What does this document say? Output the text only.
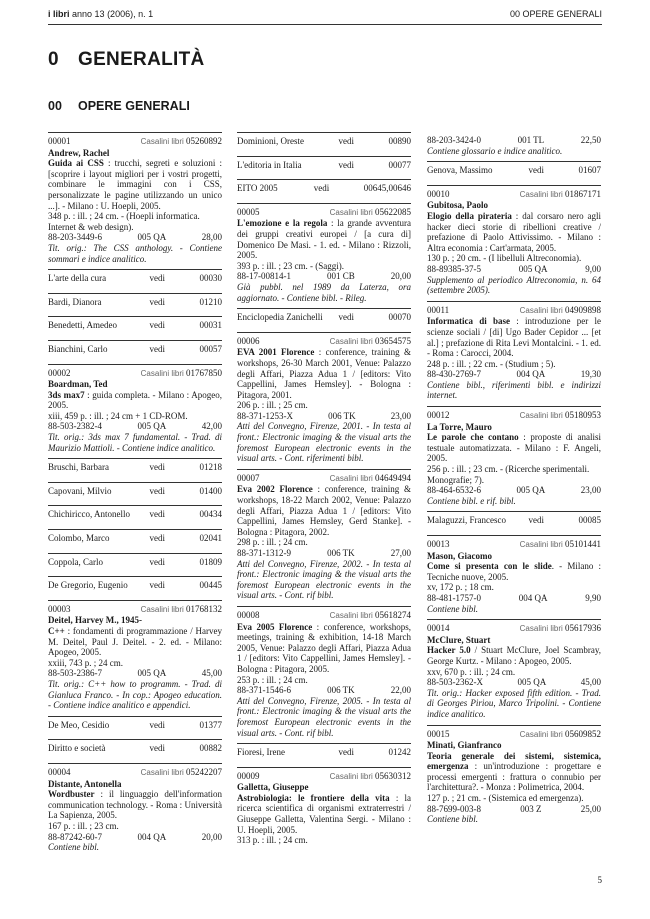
i libri anno 13 (2006), n. 1	00 OPERE GENERALI
0 GENERALITÀ
00 OPERE GENERALI
00001	Casalini libri 05260892
Andrew, Rachel
Guida ai CSS : trucchi, segreti e soluzioni : [scoprire i layout migliori per i vostri progetti, combinare le immagini con i CSS, personalizzate le pagine utilizzando un unico ...]. - Milano : U. Hoepli, 2005.
348 p. : ill. ; 24 cm. - (Hoepli informatica. Internet & web design).
88-203-3449-6	005 QA	28,00
Tit. orig.: The CSS anthology. - Contiene sommari e indice analitico.
L'arte della cura	vedi	00030
Bardi, Dianora	vedi	01210
Benedetti, Amedeo	vedi	00031
Bianchini, Carlo	vedi	00057
00002	Casalini libri 01767850
Boardman, Ted
3ds max7 : guida completa. - Milano : Apogeo, 2005.
xiii, 459 p. : ill. ; 24 cm + 1 CD-ROM.
88-503-2382-4	005 QA	42,00
Tit. orig.: 3ds max 7 fundamental. - Trad. di Maurizio Mattioli. - Contiene indice analitico.
Bruschi, Barbara	vedi	01218
Capovani, Milvio	vedi	01400
Chichiricco, Antonello	vedi	00434
Colombo, Marco	vedi	02041
Coppola, Carlo	vedi	01809
De Gregorio, Eugenio	vedi	00445
00003	Casalini libri 01768132
Deitel, Harvey M., 1945-
C++ : fondamenti di programmazione / Harvey M. Deitel, Paul J. Deitel. - 2. ed. - Milano: Apogeo, 2005.
xxiii, 743 p. ; 24 cm.
88-503-2386-7	005 QA	45,00
Tit. orig.: C++ how to programm. - Trad. di Gianluca Franco. - In cop.: Apogeo education. - Contiene indice analitico e appendici.
De Meo, Cesidio	vedi	01377
Diritto e società	vedi	00882
00004	Casalini libri 05242207
Distante, Antonella
Wordbuster : il linguaggio dell'information communication technology. - Roma : Università La Sapienza, 2005.
167 p. : ill. ; 23 cm.
88-87242-60-7	004 QA	20,00
Contiene bibl.
Dominioni, Oreste	vedi	00890
L'editoria in Italia	vedi	00077
EITO 2005	vedi	00645,00646
00005	Casalini libri 05622085
L'emozione e la regola : la grande avventura dei gruppi creativi europei / [a cura di] Domenico De Masi. - 1. ed. - Milano : Rizzoli, 2005.
393 p. : ill. ; 23 cm. - (Saggi).
88-17-00814-1	001 CB	20,00
Già pubbl. nel 1989 da Laterza, ora aggiornato. - Contiene bibl. - Rileg.
Enciclopedia Zanichelli	vedi	00070
00006	Casalini libri 03654575
EVA 2001 Florence : conference, training & workshops, 26-30 March 2001, Venue: Palazzo degli Affari, Piazza Adua 1 / [editors: Vito Cappellini, James Hemsley]. - Bologna : Pitagora, 2001.
206 p. : ill. ; 25 cm.
88-371-1253-X	006 TK	23,00
Atti del Convegno, Firenze, 2001. - In testa al front.: Electronic imaging & the visual arts the foremost European electronic events in the visual arts. - Cont. riferimenti bibl.
00007	Casalini libri 04649494
Eva 2002 Florence : conference, training & workshops, 18-22 March 2002, Venue: Palazzo degli Affari, Piazza Adua 1 / [editors: Vito Cappellini, James Hemsley, Gerd Stanke]. - Bologna : Pitagora, 2002.
298 p. : ill. ; 24 cm.
88-371-1312-9	006 TK	27,00
Atti del Convegno, Firenze, 2002. - In testa al front.: Electronic imaging & the visual arts the foremost European electronic events in the visual arts. - Cont. rif bibl.
00008	Casalini libri 05618274
Eva 2005 Florence : conference, workshops, meetings, training & exhibition, 14-18 March 2005, Venue: Palazzo degli Affari, Piazza Adua 1 / [editors: Vito Cappellini, James Hemsley]. - Bologna : Pitagora, 2005.
253 p. : ill. ; 24 cm.
88-371-1546-6	006 TK	22,00
Atti del Convegno, Firenze, 2005. - In testa al front.: Electronic imaging & the visual arts the foremost European electronic events in the visual arts. - Cont. rif bibl.
Fioresi, Irene	vedi	01242
00009	Casalini libri 05630312
Galletta, Giuseppe
Astrobiologia: le frontiere della vita : la ricerca scientifica di organismi extraterrestri / Giuseppe Galletta, Valentina Sergi. - Milano : U. Hoepli, 2005.
313 p. : ill. ; 24 cm.
88-203-3424-0	001 TL	22,50
Contiene glossario e indice analitico.
Genova, Massimo	vedi	01607
00010	Casalini libri 01867171
Gubitosa, Paolo
Elogio della pirateria : dal corsaro nero agli hacker dieci storie di ribellioni creative / prefazione di Paolo Attivissimo. - Milano : Altra economia : Cart'armata, 2005.
130 p. ; 20 cm. - (I libelluli Altreconomia).
88-89385-37-5	005 QA	9,00
Supplemento al periodico Altreconomia, n. 64 (settembre 2005).
00011	Casalini libri 04909898
Informatica di base : introduzione per le scienze sociali / [di] Ugo Bader Cepidor ... [et al.] ; prefazione di Rita Levi Montalcini. - 1. ed. - Roma : Carocci, 2004.
248 p. : ill. ; 22 cm. - (Studium ; 5).
88-430-2769-7	004 QA	19,30
Contiene bibl., riferimenti bibl. e indirizzi internet.
00012	Casalini libri 05180953
La Torre, Mauro
Le parole che contano : proposte di analisi testuale automatizzata. - Milano : F. Angeli, 2005.
256 p. : ill. ; 23 cm. - (Ricerche sperimentali. Monografie; 7).
88-464-6532-6	005 QA	23,00
Contiene bibl. e rif. bibl.
Malaguzzi, Francesco	vedi	00085
00013	Casalini libri 05101441
Mason, Giacomo
Come si presenta con le slide. - Milano : Tecniche nuove, 2005.
xv, 172 p. ; 18 cm.
88-481-1757-0	004 QA	9,90
Contiene bibl.
00014	Casalini libri 05617936
McClure, Stuart
Hacker 5.0 / Stuart McClure, Joel Scambray, George Kurtz. - Milano : Apogeo, 2005.
xxv, 670 p. : ill. ; 24 cm.
88-503-2362-X	005 QA	45,00
Tit. orig.: Hacker exposed fifth edition. - Trad. di Georges Piriou, Marco Tripolini. - Contiene indice analitico.
00015	Casalini libri 05609852
Minati, Gianfranco
Teoria generale dei sistemi, sistemica, emergenza : un'introduzione : progettare e processi emergenti : frattura o connubio per l'architettura?. - Monza : Polimetrica, 2004.
127 p. ; 21 cm. - (Sistemica ed emergenza).
88-7699-003-8	003 Z	25,00
Contiene bibl.
5
